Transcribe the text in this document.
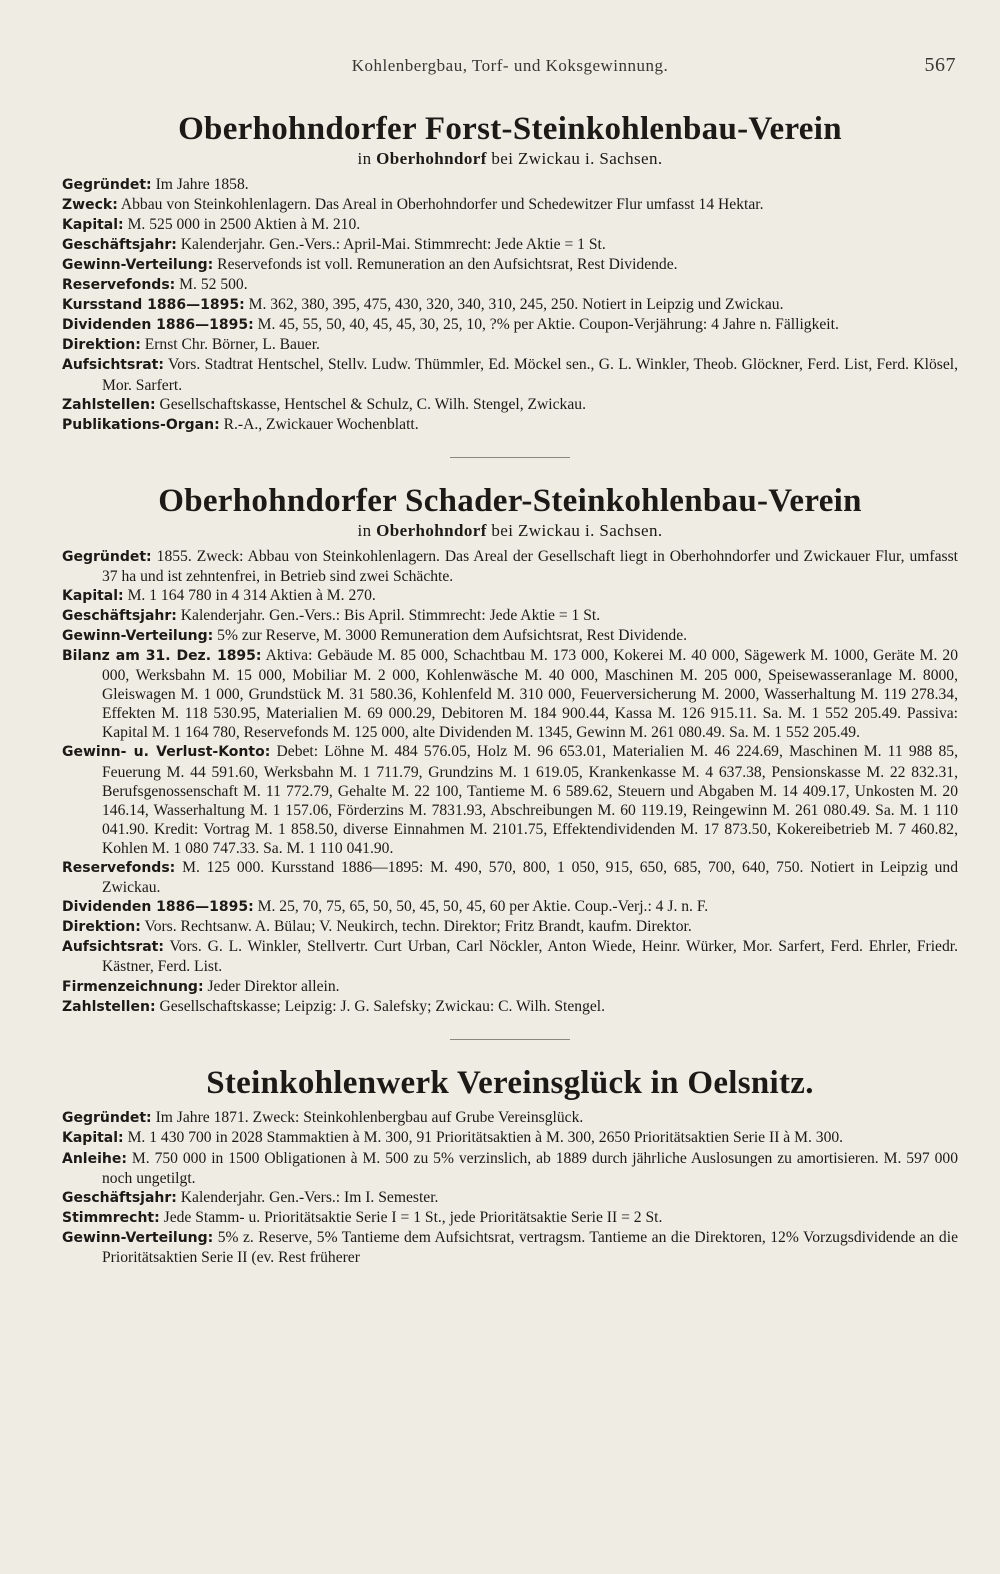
Kohlenbergbau, Torf- und Koksgewinnung.	567
Oberhohndorfer Forst-Steinkohlenbau-Verein
in Oberhohndorf bei Zwickau i. Sachsen.

Gegründet: Im Jahre 1858.

Zweck: Abbau von Steinkohlenlagern. Das Areal in Oberhohndorfer und Schedewitzer Flur umfasst 14 Hektar.

Kapital: M. 525 000 in 2500 Aktien à M. 210.

Geschäftsjahr: Kalenderjahr. Gen.-Vers.: April-Mai. Stimmrecht: Jede Aktie = 1 St.

Gewinn-Verteilung: Reservefonds ist voll. Remuneration an den Aufsichtsrat, Rest Dividende.

Reservefonds: M. 52 500.

Kursstand 1886—1895: M. 362, 380, 395, 475, 430, 320, 340, 310, 245, 250. Notiert in Leipzig und Zwickau.

Dividenden 1886—1895: M. 45, 55, 50, 40, 45, 45, 30, 25, 10, ?% per Aktie. Coupon-Verjährung: 4 Jahre n. Fälligkeit.

Direktion: Ernst Chr. Börner, L. Bauer.

Aufsichtsrat: Vors. Stadtrat Hentschel, Stellv. Ludw. Thümmler, Ed. Möckel sen., G. L. Winkler, Theob. Glöckner, Ferd. List, Ferd. Klösel, Mor. Sarfert.

Zahlstellen: Gesellschaftskasse, Hentschel & Schulz, C. Wilh. Stengel, Zwickau.

Publikations-Organ: R.-A., Zwickauer Wochenblatt.

Oberhohndorfer Schader-Steinkohlenbau-Verein
in Oberhohndorf bei Zwickau i. Sachsen.

Gegründet: 1855. Zweck: Abbau von Steinkohlenlagern. Das Areal der Gesellschaft liegt in Oberhohndorfer und Zwickauer Flur, umfasst 37 ha und ist zehntenfrei, in Betrieb sind zwei Schächte.

Kapital: M. 1 164 780 in 4 314 Aktien à M. 270.

Geschäftsjahr: Kalenderjahr. Gen.-Vers.: Bis April. Stimmrecht: Jede Aktie = 1 St.

Gewinn-Verteilung: 5% zur Reserve, M. 3000 Remuneration dem Aufsichtsrat, Rest Dividende.

Bilanz am 31. Dez. 1895: Aktiva: Gebäude M. 85 000, Schachtbau M. 173 000, Kokerei M. 40 000, Sägewerk M. 1000, Geräte M. 20 000, Werksbahn M. 15 000, Mobiliar M. 2 000, Kohlenwäsche M. 40 000, Maschinen M. 205 000, Speisewasseranlage M. 8000, Gleiswagen M. 1 000, Grundstück M. 31 580.36, Kohlenfeld M. 310 000, Feuerversicherung M. 2000, Wasserhaltung M. 119 278.34, Effekten M. 118 530.95, Materialien M. 69 000.29, Debitoren M. 184 900.44, Kassa M. 126 915.11. Sa. M. 1 552 205.49. Passiva: Kapital M. 1 164 780, Reservefonds M. 125 000, alte Dividenden M. 1345, Gewinn M. 261 080.49. Sa. M. 1 552 205.49.

Gewinn- u. Verlust-Konto: Debet: Löhne M. 484 576.05, Holz M. 96 653.01, Materialien M. 46 224.69, Maschinen M. 11 988 85, Feuerung M. 44 591.60, Werksbahn M. 1 711.79, Grundzins M. 1 619.05, Krankenkasse M. 4 637.38, Pensionskasse M. 22 832.31, Berufsgenossenschaft M. 11 772.79, Gehalte M. 22 100, Tantieme M. 6 589.62, Steuern und Abgaben M. 14 409.17, Unkosten M. 20 146.14, Wasserhaltung M. 1 157.06, Förderzins M. 7831.93, Abschreibungen M. 60 119.19, Reingewinn M. 261 080.49. Sa. M. 1 110 041.90. Kredit: Vortrag M. 1 858.50, diverse Einnahmen M. 2101.75, Effektendividenden M. 17 873.50, Kokereibetrieb M. 7 460.82, Kohlen M. 1 080 747.33. Sa. M. 1 110 041.90.

Reservefonds: M. 125 000. Kursstand 1886—1895: M. 490, 570, 800, 1 050, 915, 650, 685, 700, 640, 750. Notiert in Leipzig und Zwickau.

Dividenden 1886—1895: M. 25, 70, 75, 65, 50, 50, 45, 50, 45, 60 per Aktie. Coup.-Verj.: 4 J. n. F.

Direktion: Vors. Rechtsanw. A. Bülau; V. Neukirch, techn. Direktor; Fritz Brandt, kaufm. Direktor.

Aufsichtsrat: Vors. G. L. Winkler, Stellvertr. Curt Urban, Carl Nöckler, Anton Wiede, Heinr. Würker, Mor. Sarfert, Ferd. Ehrler, Friedr. Kästner, Ferd. List.

Firmenzeichnung: Jeder Direktor allein.

Zahlstellen: Gesellschaftskasse; Leipzig: J. G. Salefsky; Zwickau: C. Wilh. Stengel.

Steinkohlenwerk Vereinsglück in Oelsnitz.

Gegründet: Im Jahre 1871. Zweck: Steinkohlenbergbau auf Grube Vereinsglück.

Kapital: M. 1 430 700 in 2028 Stammaktien à M. 300, 91 Prioritätsaktien à M. 300, 2650 Prioritätsaktien Serie II à M. 300.

Anleihe: M. 750 000 in 1500 Obligationen à M. 500 zu 5% verzinslich, ab 1889 durch jährliche Auslosungen zu amortisieren. M. 597 000 noch ungetilgt.

Geschäftsjahr: Kalenderjahr. Gen.-Vers.: Im I. Semester.

Stimmrecht: Jede Stamm- u. Prioritätsaktie Serie I = 1 St., jede Prioritätsaktie Serie II = 2 St.

Gewinn-Verteilung: 5% z. Reserve, 5% Tantieme dem Aufsichtsrat, vertragsm. Tantieme an die Direktoren, 12% Vorzugsdividende an die Prioritätsaktien Serie II (ev. Rest früherer
